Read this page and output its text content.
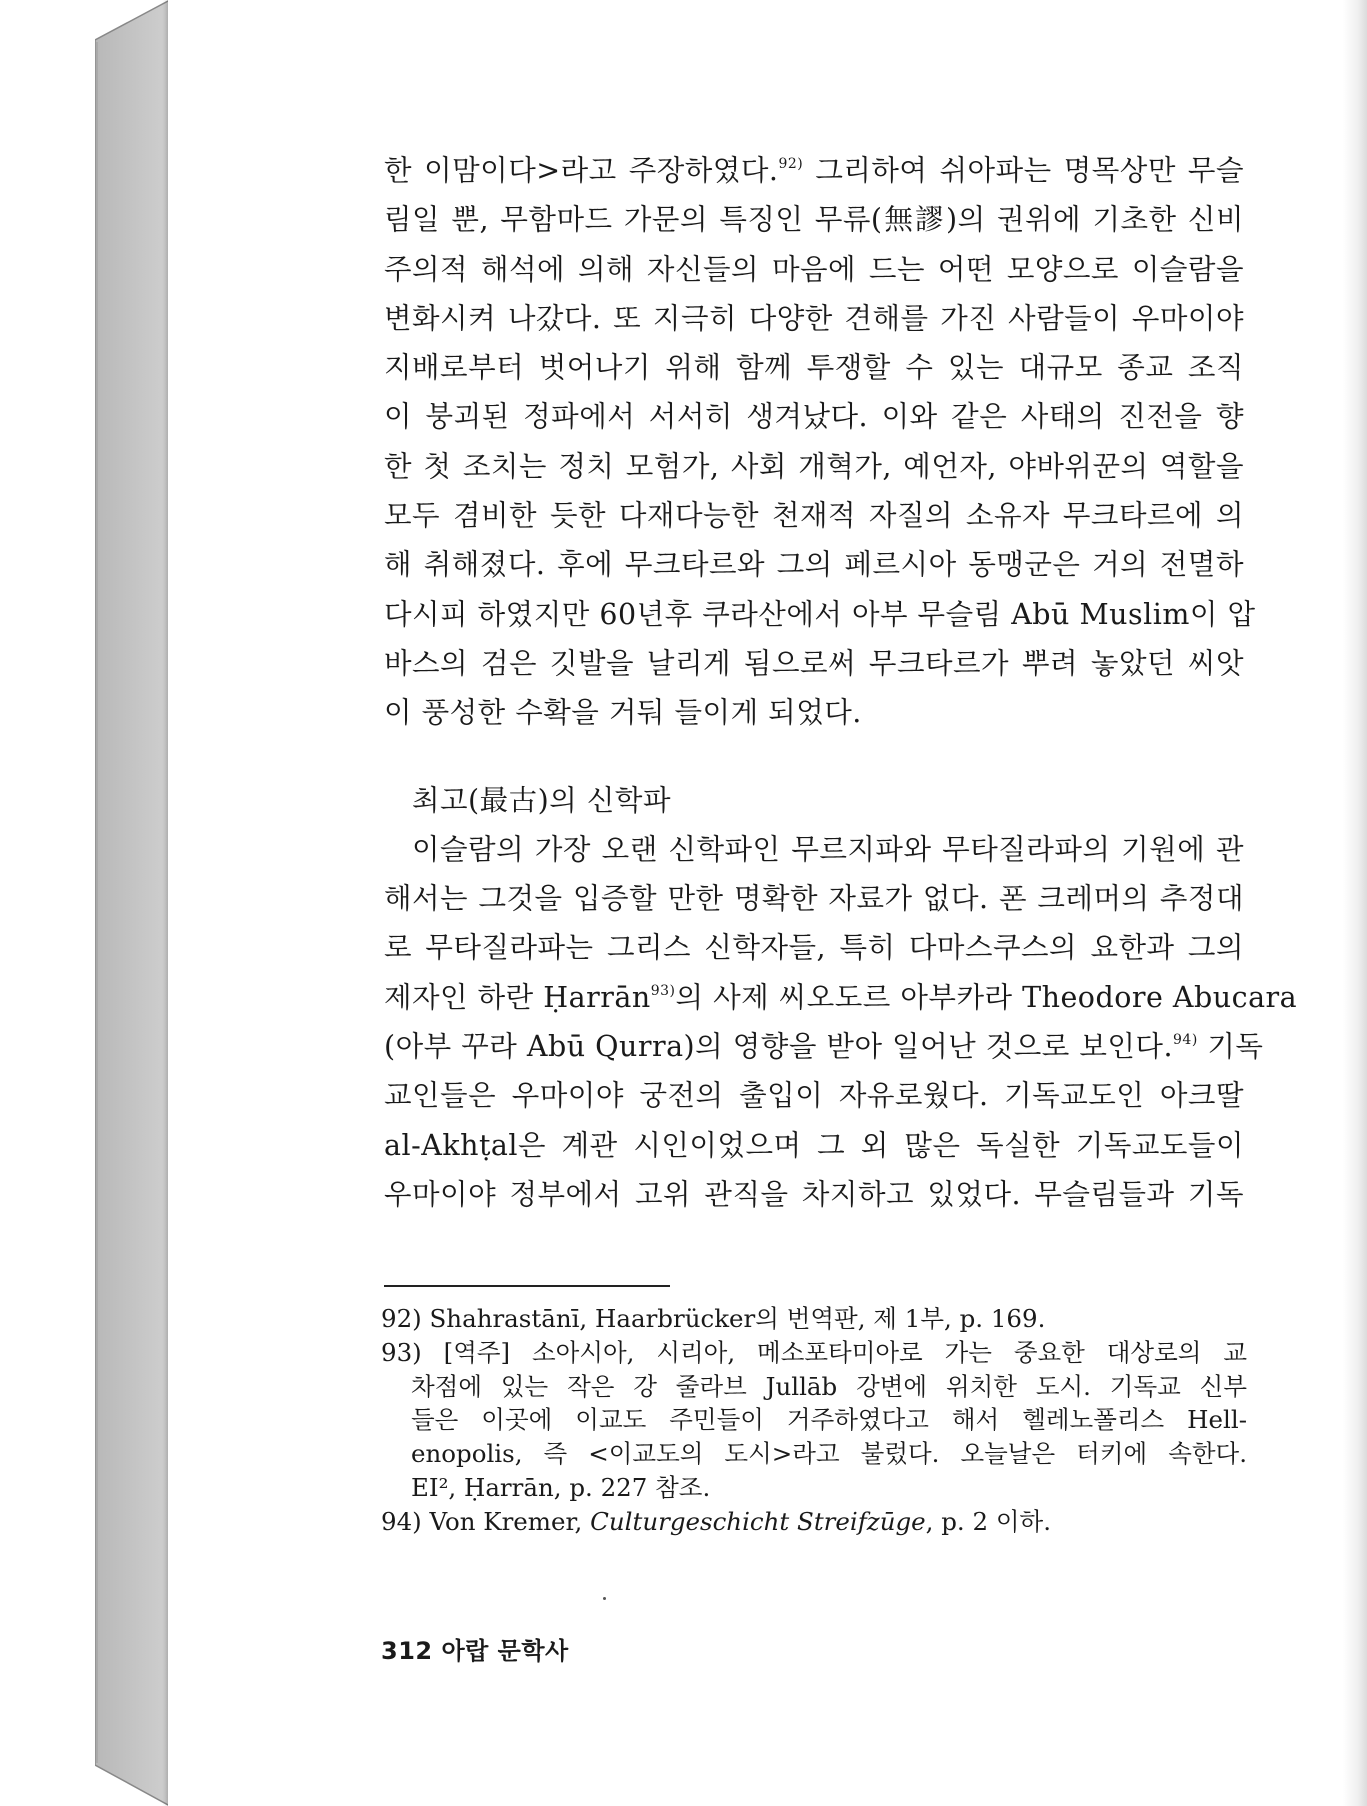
한 이맘이다>라고 주장하였다.$^{92)}$ 그리하여 쉬아파는 명목상만 무슬
림일 뿐, 무함마드 가문의 특징인 무류(無謬)의 권위에 기초한 신비
주의적 해석에 의해 자신들의 마음에 드는 어떤 모양으로 이슬람을
변화시켜 나갔다. 또 지극히 다양한 견해를 가진 사람들이 우마이야
지배로부터 벗어나기 위해 함께 투쟁할 수 있는 대규모 종교 조직
이 붕괴된 정파에서 서서히 생겨났다. 이와 같은 사태의 진전을 향
한 첫 조치는 정치 모험가, 사회 개혁가, 예언자, 야바위꾼의 역할을
모두 겸비한 듯한 다재다능한 천재적 자질의 소유자 무크타르에 의
해 취해졌다. 후에 무크타르와 그의 페르시아 동맹군은 거의 전멸하
다시피 하였지만 60년후 쿠라산에서 아부 무슬림 Abū Muslim이 압
바스의 검은 깃발을 날리게 됨으로써 무크타르가 뿌려 놓았던 씨앗
이 풍성한 수확을 거둬 들이게 되었다.
최고(最古)의 신학파
이슬람의 가장 오랜 신학파인 무르지파와 무타질라파의 기원에 관
해서는 그것을 입증할 만한 명확한 자료가 없다. 폰 크레머의 추정대
로 무타질라파는 그리스 신학자들, 특히 다마스쿠스의 요한과 그의
제자인 하란 Ḥarrān$^{93)}$의 사제 씨오도르 아부카라 Theodore Abucara
(아부 꾸라 Abū Qurra)의 영향을 받아 일어난 것으로 보인다.$^{94)}$ 기독
교인들은 우마이야 궁전의 출입이 자유로웠다. 기독교도인 아크딸
al-Akhṭal은 계관 시인이었으며 그 외 많은 독실한 기독교도들이
우마이야 정부에서 고위 관직을 차지하고 있었다. 무슬림들과 기독
92) Shahrastānī, Haarbrücker의 번역판, 제 1부, p. 169.
93) [역주] 소아시아, 시리아, 메소포타미아로 가는 중요한 대상로의 교
차점에 있는 작은 강 줄라브 Jullāb 강변에 위치한 도시. 기독교 신부
들은 이곳에 이교도 주민들이 거주하였다고 해서 헬레노폴리스 Hell-
enopolis, 즉 <이교도의 도시>라고 불렀다. 오늘날은 터키에 속한다.
EI², Ḥarrān, p. 227 참조.
94) Von Kremer, Culturgeschicht Streifzūge, p. 2 이하.
312 아랍 문학사
